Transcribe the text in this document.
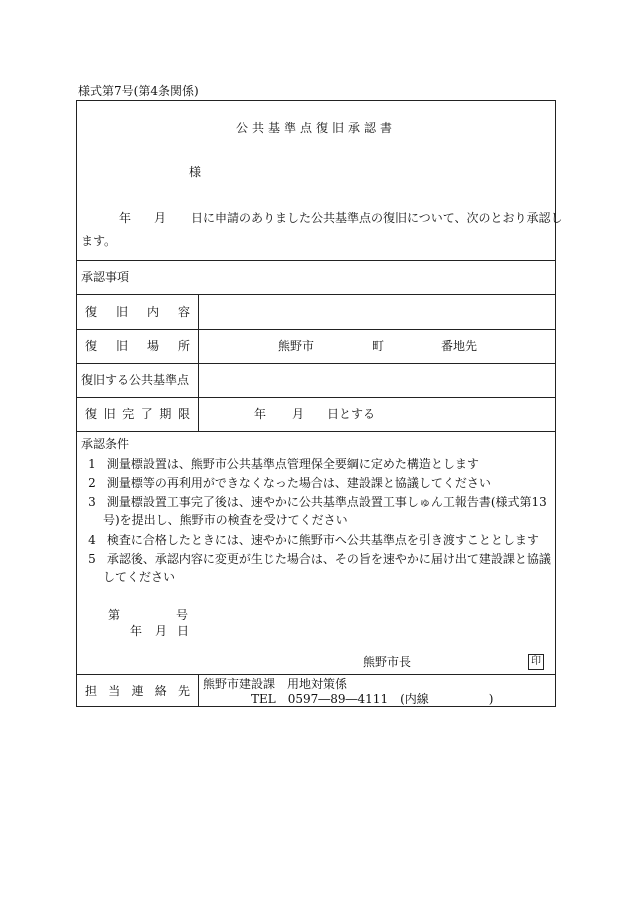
様式第7号(第4条関係)
公共基準点復旧承認書
様
年 月 日に申請のありました公共基準点の復旧について、次のとおり承認し
ます。
承認事項
復 旧 内 容
復 旧 場 所	熊野市	町	番地先
復旧する公共基準点
復 旧 完 了 期 限	年 月 日とする
承認条件
1 測量標設置は、熊野市公共基準点管理保全要綱に定めた構造とします
2 測量標等の再利用ができなくなった場合は、建設課と協議してください
3 測量標設置工事完了後は、速やかに公共基準点設置工事しゅん工報告書(様式第13
号)を提出し、熊野市の検査を受けてください
4 検査に合格したときには、速やかに熊野市へ公共基準点を引き渡すこととします
5 承認後、承認内容に変更が生じた場合は、その旨を速やかに届け出て建設課と協議
してください
第	号
年 月 日
熊野市長	印
担 当 連 絡 先 熊野市建設課　用地対策係
TEL　0597―89―4111　(内線　　　　　)
